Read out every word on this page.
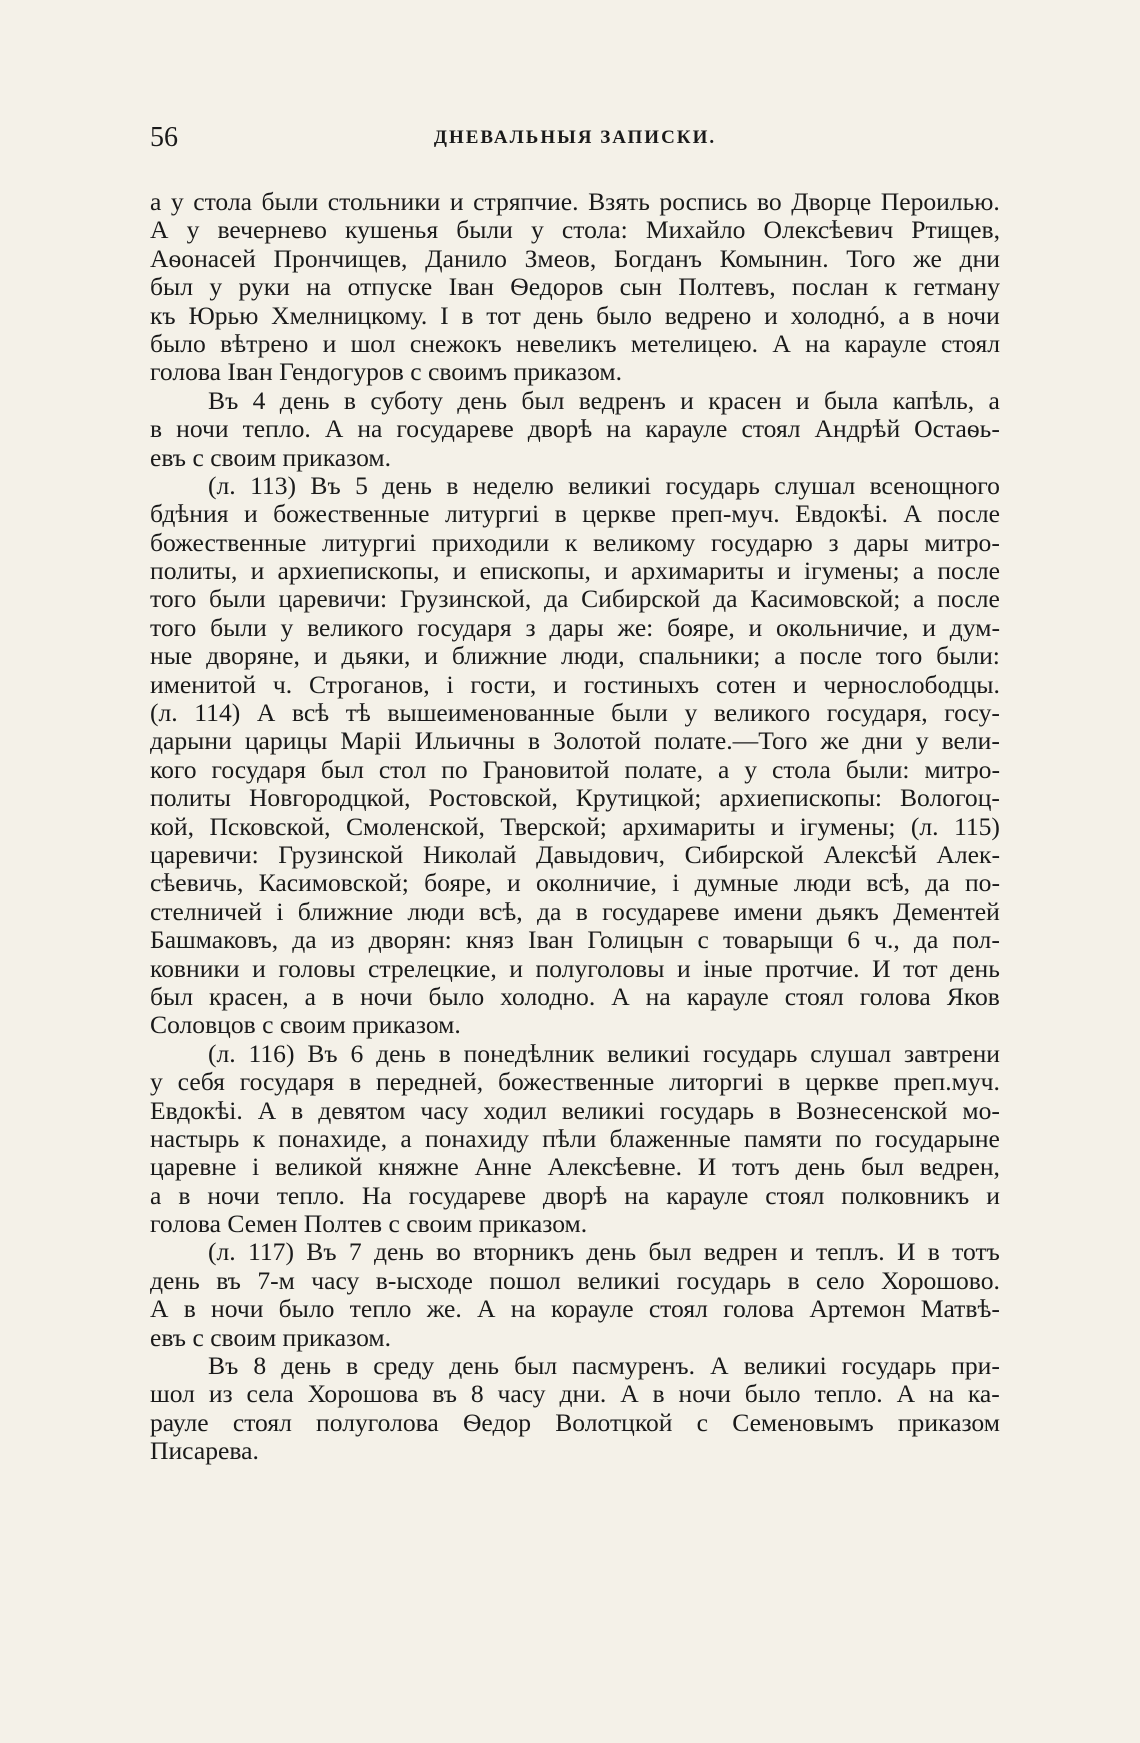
56	ДНЕВАЛЬНЫЯ ЗАПИСКИ.
а у стола были стольники и стряпчие. Взять роспись во Дворце Пероилью.
А у вечернево кушенья были у стола: Михайло Олексѣевич Ртищев,
Аѳонасей Прончищев, Данило Змеов, Богданъ Комынин. Того же дни
был у руки на отпуске Іван Ѳедоров сын Полтевъ, послан к гетману
къ Юрью Хмелницкому. І в тот день было ведрено и холоднó, а в ночи
было вѣтрено и шол снежокъ невеликъ метелицею. А на карауле стоял
голова Іван Гендогуров с своимъ приказом.
Въ 4 день в суботу день был ведренъ и красен и была капѣль, а
в ночи тепло. А на государеве дворѣ на карауле стоял Андрѣй Остаѳь-
евъ с своим приказом.
(л. 113) Въ 5 день в неделю великиі государь слушал всенощного
бдѣния и божественные литургиі в церкве преп-муч. Евдокѣі. А после
божественные литургиі приходили к великому государю з дары митро-
политы, и архиепископы, и епископы, и архимариты и ігумены; а после
того были царевичи: Грузинской, да Сибирской да Касимовской; а после
того были у великого государя з дары же: бояре, и окольничие, и дум-
ные дворяне, и дьяки, и ближние люди, спальники; а после того были:
именитой ч. Строганов, і гости, и гостиныхъ сотен и чернослободцы.
(л. 114) А всѣ тѣ вышеименованные были у великого государя, госу-
дарыни царицы Маріі Ильичны в Золотой полате.—Того же дни у вели-
кого государя был стол по Грановитой полате, а у стола были: митро-
политы Новгородцкой, Ростовской, Крутицкой; архиепископы: Вологоц-
кой, Псковской, Смоленской, Тверской; архимариты и ігумены; (л. 115)
царевичи: Грузинской Николай Давыдович, Сибирской Алексѣй Алек-
сѣевичь, Касимовской; бояре, и околничие, і думные люди всѣ, да по-
стелничей і ближние люди всѣ, да в государеве имени дьякъ Дементей
Башмаковъ, да из дворян: княз Іван Голицын с товарыщи 6 ч., да пол-
ковники и головы стрелецкие, и полуголовы и іные протчие. И тот день
был красен, а в ночи было холодно. А на карауле стоял голова Яков
Соловцов с своим приказом.
(л. 116) Въ 6 день в понедѣлник великиі государь слушал завтрени
у себя государя в передней, божественные литоргиі в церкве преп.муч.
Евдокѣі. А в девятом часу ходил великиі государь в Вознесенской мо-
настырь к понахиде, а понахиду пѣли блаженные памяти по государыне
царевне і великой княжне Анне Алексѣевне. И тотъ день был ведрен,
а в ночи тепло. На государеве дворѣ на карауле стоял полковникъ и
голова Семен Полтев с своим приказом.
(л. 117) Въ 7 день во вторникъ день был ведрен и теплъ. И в тотъ
день въ 7-м часу в-ысходе пошол великиі государь в село Хорошово.
А в ночи было тепло же. А на корауле стоял голова Артемон Матвѣ-
евъ с своим приказом.
Въ 8 день в среду день был пасмуренъ. А великиі государь при-
шол из села Хорошова въ 8 часу дни. А в ночи было тепло. А на ка-
рауле стоял полуголова Ѳедор Волотцкой с Семеновымъ приказом
Писарева.
